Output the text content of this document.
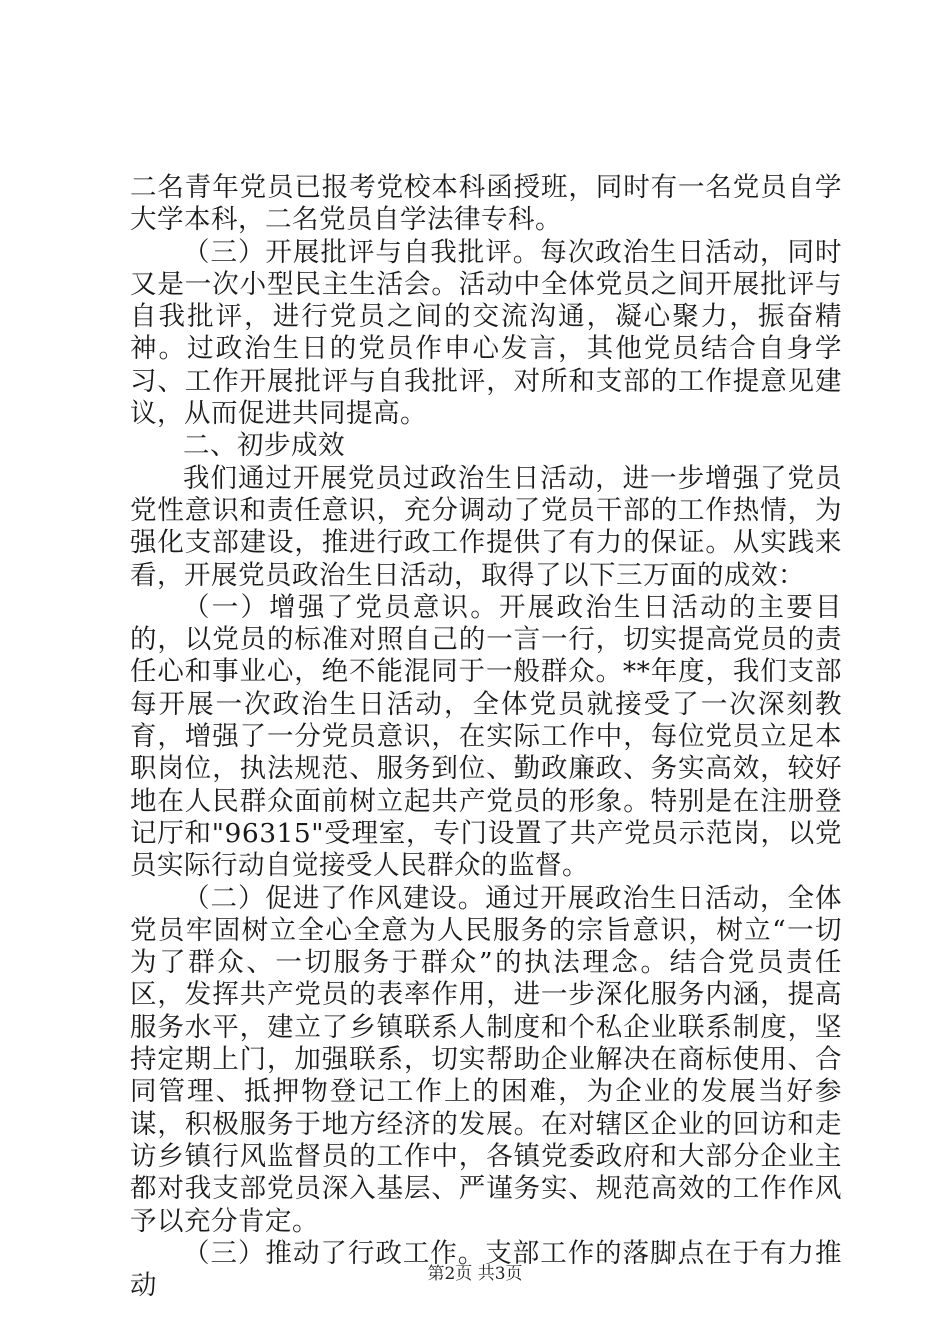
二名青年党员已报考党校本科函授班，同时有一名党员自学大学本科，二名党员自学法律专科。

（三）开展批评与自我批评。每次政治生日活动，同时又是一次小型民主生活会。活动中全体党员之间开展批评与自我批评，进行党员之间的交流沟通，凝心聚力，振奋精神。过政治生日的党员作申心发言，其他党员结合自身学习、工作开展批评与自我批评，对所和支部的工作提意见建议，从而促进共同提高。

二、初步成效

我们通过开展党员过政治生日活动，进一步增强了党员党性意识和责任意识，充分调动了党员干部的工作热情，为强化支部建设，推进行政工作提供了有力的保证。从实践来看，开展党员政治生日活动，取得了以下三万面的成效：

（一）增强了党员意识。开展政治生日活动的主要目的，以党员的标准对照自己的一言一行，切实提高党员的责任心和事业心，绝不能混同于一般群众。**年度，我们支部每开展一次政治生日活动，全体党员就接受了一次深刻教育，增强了一分党员意识，在实际工作中，每位党员立足本职岗位，执法规范、服务到位、勤政廉政、务实高效，较好地在人民群众面前树立起共产党员的形象。特别是在注册登记厅和"96315"受理室，专门设置了共产党员示范岗，以党员实际行动自觉接受人民群众的监督。

（二）促进了作风建设。通过开展政治生日活动，全体党员牢固树立全心全意为人民服务的宗旨意识，树立“一切为了群众、一切服务于群众”的执法理念。结合党员责任区，发挥共产党员的表率作用，进一步深化服务内涵，提高服务水平，建立了乡镇联系人制度和个私企业联系制度，坚持定期上门，加强联系，切实帮助企业解决在商标使用、合同管理、抵押物登记工作上的困难，为企业的发展当好参谋，积极服务于地方经济的发展。在对辖区企业的回访和走访乡镇行风监督员的工作中，各镇党委政府和大部分企业主都对我支部党员深入基层、严谨务实、规范高效的工作作风予以充分肯定。

（三）推动了行政工作。支部工作的落脚点在于有力推动	第2页 共3页
